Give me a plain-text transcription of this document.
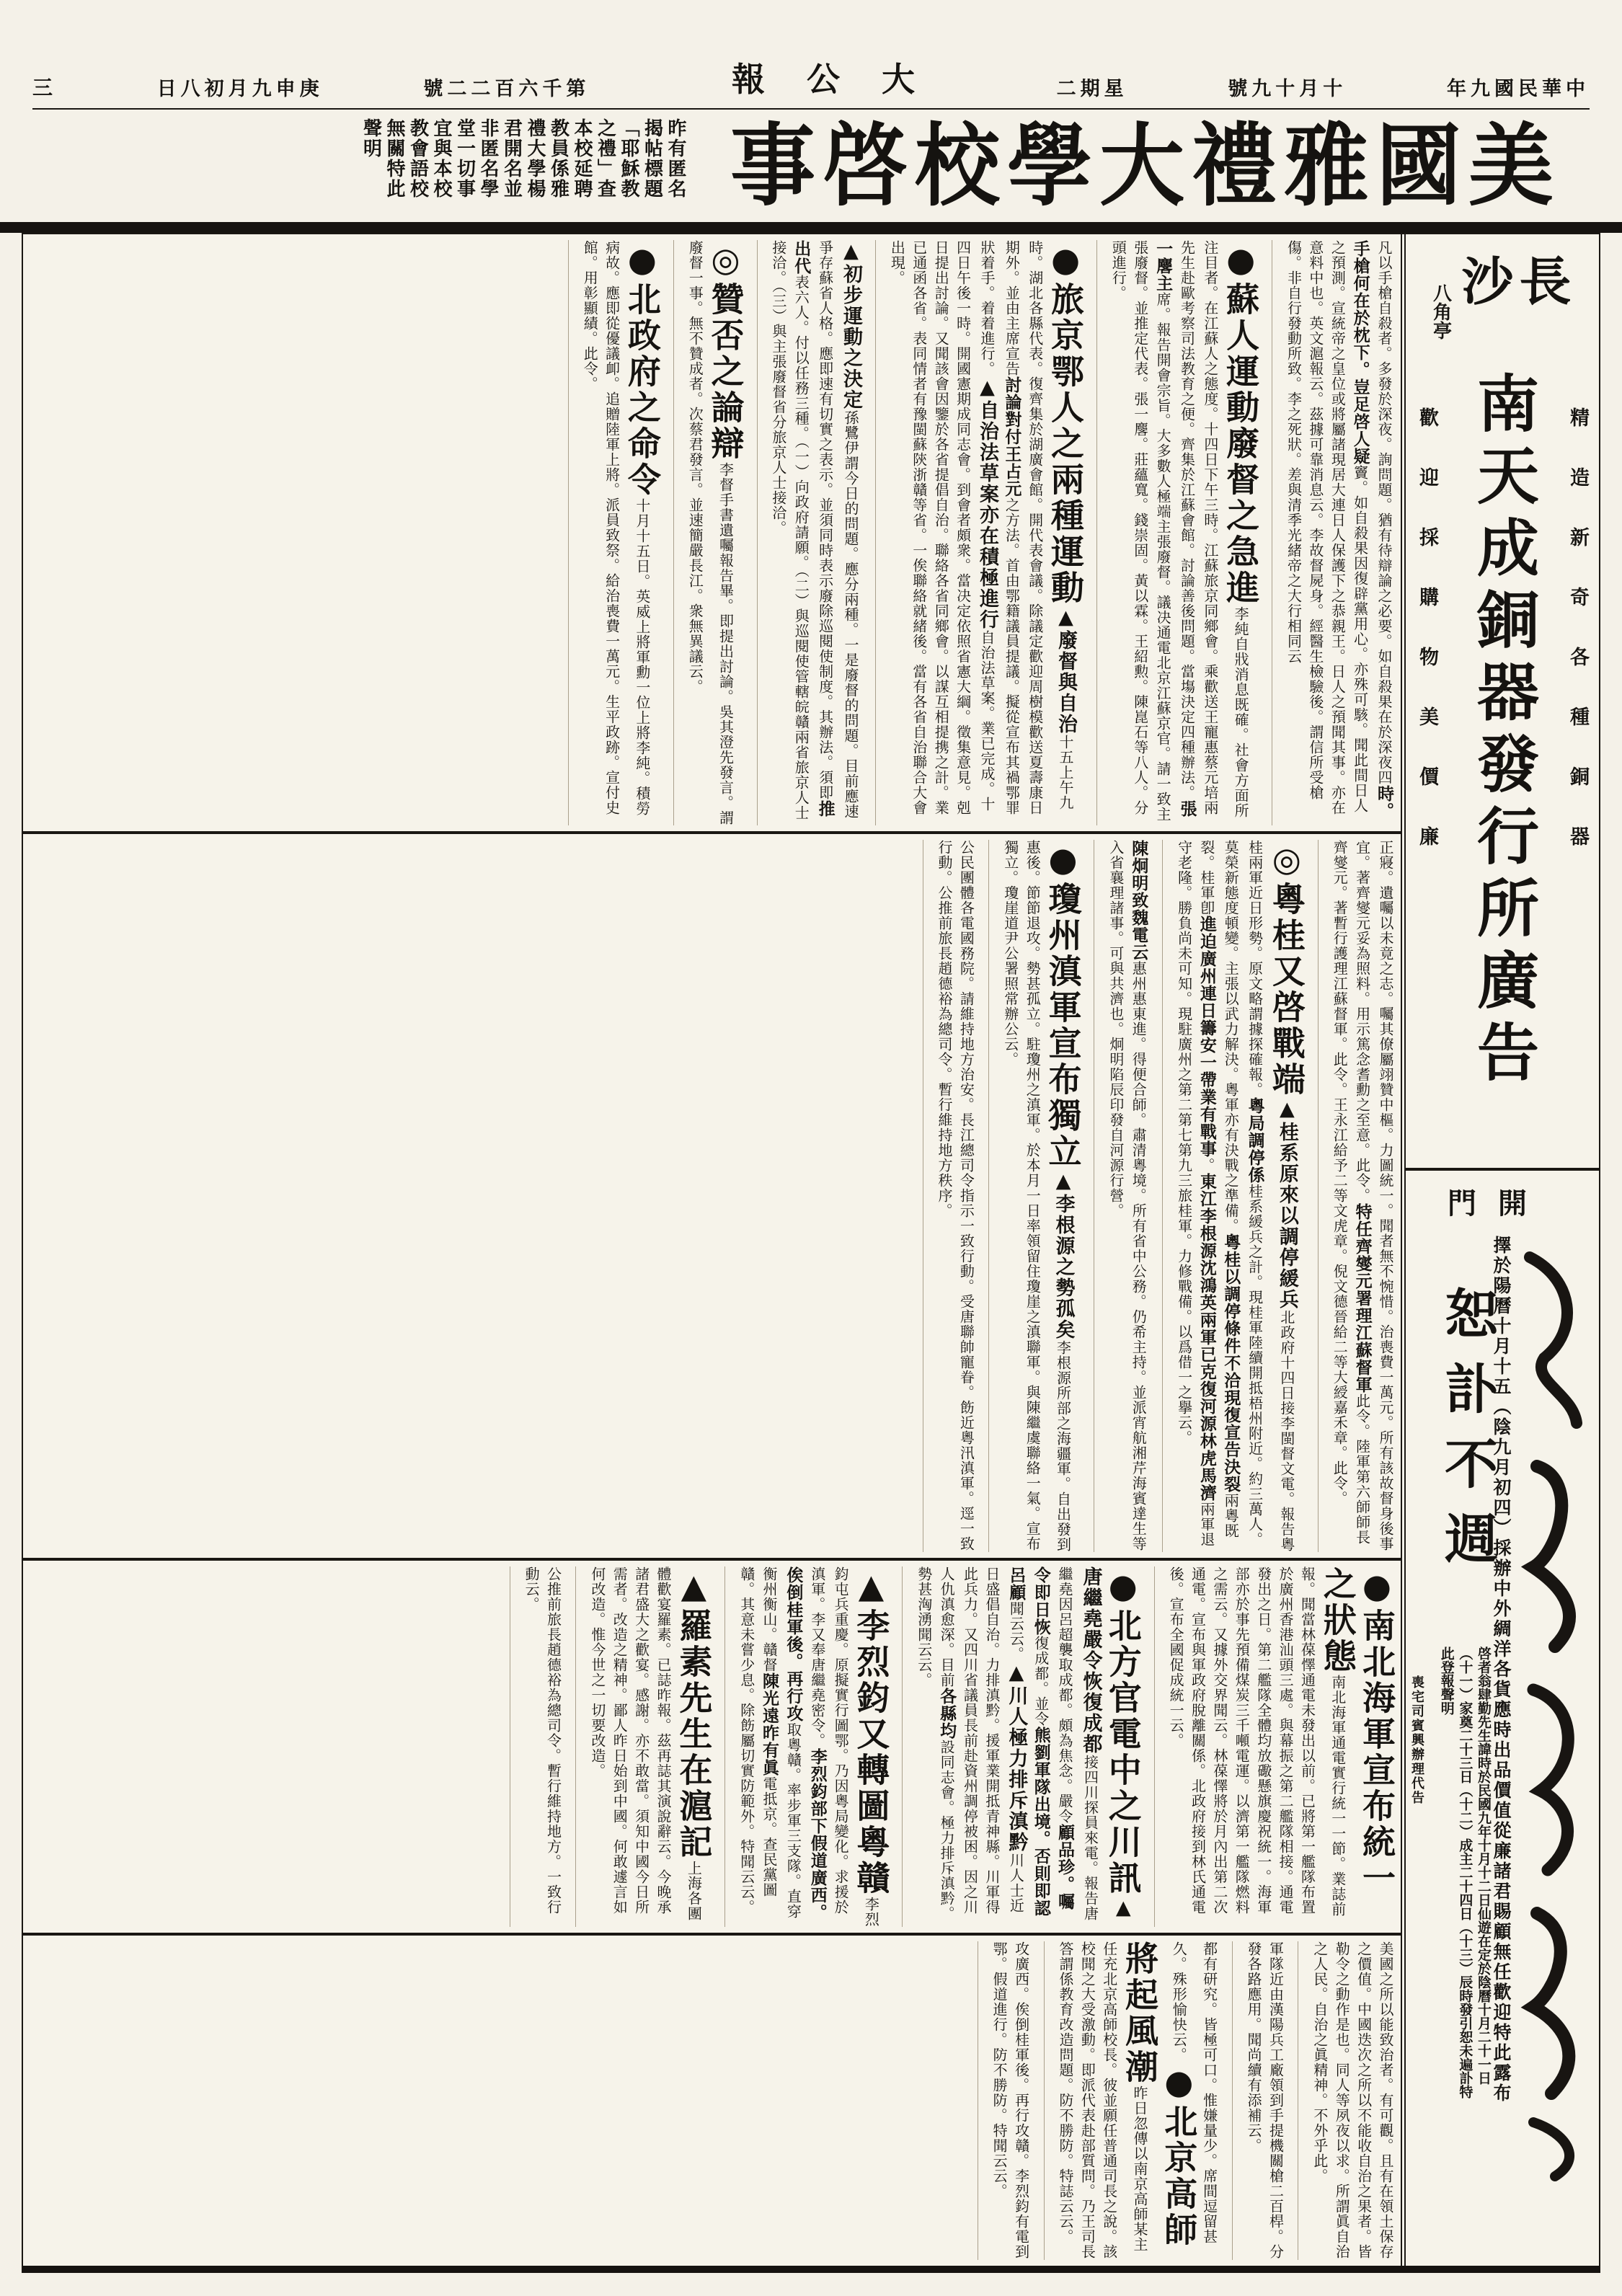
年九國民華中
號九十月十
二期星
報公大
號二二百六千第
日八初月九申庚
三
事啓校學大禮雅國美
昨有匿名揭帖標題「耶穌教之禮」查本校延聘教員係雅禮大學楊君開名並非匿名學堂一切事宜與本校教會語校無關特此聲明
沙長
八角亭
南天成銅器發行所廣告 精造新奇各種銅器
歡迎採購物美價廉
門開
擇於陽曆十月十五（陰九月初四）採辦中外綢洋各貨應時出品價值從廉諸君賜顧無任歡迎特此露布
恕訃不週
啓者翁肆勤先生諱時於民國九年十月十二日仙遊在定於陰曆十月二十一日（十一）家奠二十三日（十二）成主二十四日（十三）辰時發引恕未遍訃特此登報聲明
喪宅司賓興辦理代告
凡以手槍自殺者。多發於深夜。詢問題。猶有待辯論之必要。如自殺果在於深夜四時。手槍何在於枕下。豈足啓人疑竇。如自殺果因復辟黨用心。亦殊可駭。聞此間日人之預測。宣統帝之皇位或將屬諸現居大連日人保護下之恭親王。日人之預聞其事。亦在意料中也。英文滬報云。茲據可靠消息云。李故督屍身。經醫生檢驗後。謂信所受槍傷。非自行發動所致。李之死狀。差與清季光緒帝之大行相同云
●蘇人運動廢督之急進李純自戕消息既確。社會方面所注目者。在江蘇人之態度。十四日下午三時。江蘇旅京同鄉會。乘歡送王寵惠蔡元培兩先生赴歐考察司法教育之便。齊集於江蘇會館。討論善後問題。當塲決定四種辦法。張一麐主席。報告開會宗旨。大多數人極端主張廢督。議决通電北京江蘇京官。請一致主張廢督。並推定代表。張一麐。莊蘊寬。錢崇固。黃以霖。王紹勲。陳崑石等八人。分頭進行。
●旅京鄂人之兩種運動▲廢督與自治十五上午九時。湖北各縣代表。復齊集於湖廣會館。開代表會議。除議定歡迎周樹模歡送夏壽康日期外。並由主席宣告討論對付王占元之方法。首由鄂籍議員提議。擬從宣布其禍鄂罪狀着手。着着進行。▲自治法草案亦在積極進行自治法草案。業已完成。十四日午後一時。開國憲期成同志會。到會者頗衆。當决定依照省憲大綱。徵集意見。剋日提出討論。又聞該會因鑒於各省提倡自治。聯絡各省同鄉會。以謀互相提携之計。業已通函各省。表同情者有豫閩蘇陝浙贛等省。一俟聯絡就緒後。當有各省自治聯合大會出現。
▲初步運動之決定孫鷺伊謂今日的問題。應分兩種。一是廢督的問題。目前應速爭存蘇省人格。應即速有切實之表示。並須同時表示廢除巡閱使制度。其辦法。須即推出代表六人。付以任務三種。（一）向政府請願。（二）與巡閱使管轄皖贛兩省旅京人士接洽。（三）與主張廢督省分旅京人士接洽。
◎贊否之論辯李督手書遺囑報告畢。即提出討論。吳其澄先發言。謂廢督一事。無不贊成者。次蔡君發言。並速簡嚴長江。衆無異議云。
●北政府之命令十月十五日。英威上將軍勳一位上將李純。積勞病故。應即從優議卹。追贈陸軍上將。派員致祭。給治喪費一萬元。生平政跡。宣付史館。用彰顯績。此令。
正寢。遺囑以未竟之志。囑其僚屬翊贊中樞。力圖統一。聞者無不惋惜。治喪費一萬元。所有該故督身後事宜。著齊燮元妥為照料。用示篤念耆勳之至意。此令。特任齊燮元署理江蘇督軍此令。陸軍第六師師長齊燮元。著暫行護理江蘇督軍。此令。王永江給予二等文虎章。倪文德晉給二等大綬嘉禾章。此令。
◎粵桂又啓戰端▲桂系原來以調停緩兵北政府十四日接李閩督文電。報告粵桂兩軍近日形勢。原文略謂據探確報。粵局調停係桂系緩兵之計。現桂軍陸續開抵梧州附近。約三萬人。莫榮新態度頓變。主張以武力解決。粵軍亦有決戰之準備。粵桂以調停條件不洽現復宣告決裂兩粵既裂。桂軍卽進迫廣州連日籌安一帶業有戰事。東江李根源沈鴻英兩軍已克復河源林虎馬濟兩軍退守老隆。勝負尚未可知。現駐廣州之第二第七第九三旅桂軍。力修戰備。以爲借一之擧云。
陳炯明致魏電云惠州惠東進。得便合師。肅清粵境。所有省中公務。仍希主持。並派宵航湘芹海賓達生等入省襄理諸事。可與共濟也。炯明陷辰印發自河源行營。
●瓊州滇軍宣布獨立▲李根源之勢孤矣李根源所部之海疆軍。自出發到惠後。節節退攻。勢甚孤立。駐瓊州之滇軍。於本月一日率領留住瓊崖之滇聯軍。與陳繼虞聯絡一氣。宣布獨立。瓊崖道尹公署照常辦公云。
公民團體各電國務院。請維持地方治安。長江總司令指示一致行動。受唐聯帥寵眷。飭近粵汛滇軍。逕一致行動。公推前旅長趙德裕為總司令。暫行維持地方秩序。
●南北海軍宣布統一之狀態南北海軍通電實行統一一節。業誌前報。聞當林葆懌通電未發出以前。已將第一艦隊布置於廣州香港汕頭三處。與幕振之第二艦隊相接。通電發出之日。第二艦隊全體均放礮懸旗慶祝統一。海軍部亦於事先預備煤炭三千噸電運。以濟第一艦隊燃料之需云。又據外交界聞云。林葆懌將於月內出第二次通電。宣布與軍政府脫離關係。北政府接到林氏通電後。宣布全國促成統一云。
●北方官電中之川訊▲唐繼堯嚴令恢復成都接四川探員來電。報告唐繼堯因呂超襲取成都。頗為焦念。嚴令顧品珍。囑令即日恢復成都。並令熊劉軍隊出境。否則即認呂顧聞云云。▲川人極力排斥滇黔川人士近日盛倡自治。力排滇黔。援軍業開抵青神縣。川軍得此兵力。又四川省議員長前赴資州調停被困。因之川人仇滇愈深。目前各縣均設同志會。極力排斥滇黔。勢甚洶湧聞云云。
▲李烈鈞又轉圖粵贛李烈鈞屯兵重慶。原擬實行圖鄂。乃因粵局變化。求援於滇軍。李又奉唐繼堯密令。李烈鈞部下假道廣西。俟倒桂軍後。再行攻取粵贛。率步軍三支隊。直穿衡州衡山。贛督陳光遠昨有眞電抵京。查民黨圖贛。其意未嘗少息。除飭屬切實防範外。特聞云云。
▲羅素先生在滬記上海各團體歡宴羅素。已誌昨報。茲再誌其演說辭云。今晚承諸君盛大之歡宴。感謝。亦不敢當。須知中國今日所需者。改造之精神。鄙人昨日始到中國。何敢遽言如何改造。惟今世之一切要改造。
公推前旅長趙德裕為總司令。暫行維持地方。一致行動云。
美國之所以能致治者。有可觀。且有在領土保存之價值。中國迭次之所以不能收自治之果者。皆勒令之動作是也。同人等夙夜以求。所謂眞自治之人民。自治之眞精神。不外乎此。
軍隊近由漢陽兵工廠領到手提機關槍二百桿。分發各路應用。聞尚續有添補云。
都有研究。皆極可口。惟嫌量少。席間逗留甚久。殊形愉快云。●北京高師將起風潮昨日忽傳以南京高師某主任充北京高師校長。彼並願任普通司長之說。該校聞之大受激動。即派代表赴部質問。乃王司長答謂係教育改造問題。防不勝防。特誌云云。
攻廣西。俟倒桂軍後。再行攻贛。李烈鈞有電到鄂。假道進行。防不勝防。特聞云云。
